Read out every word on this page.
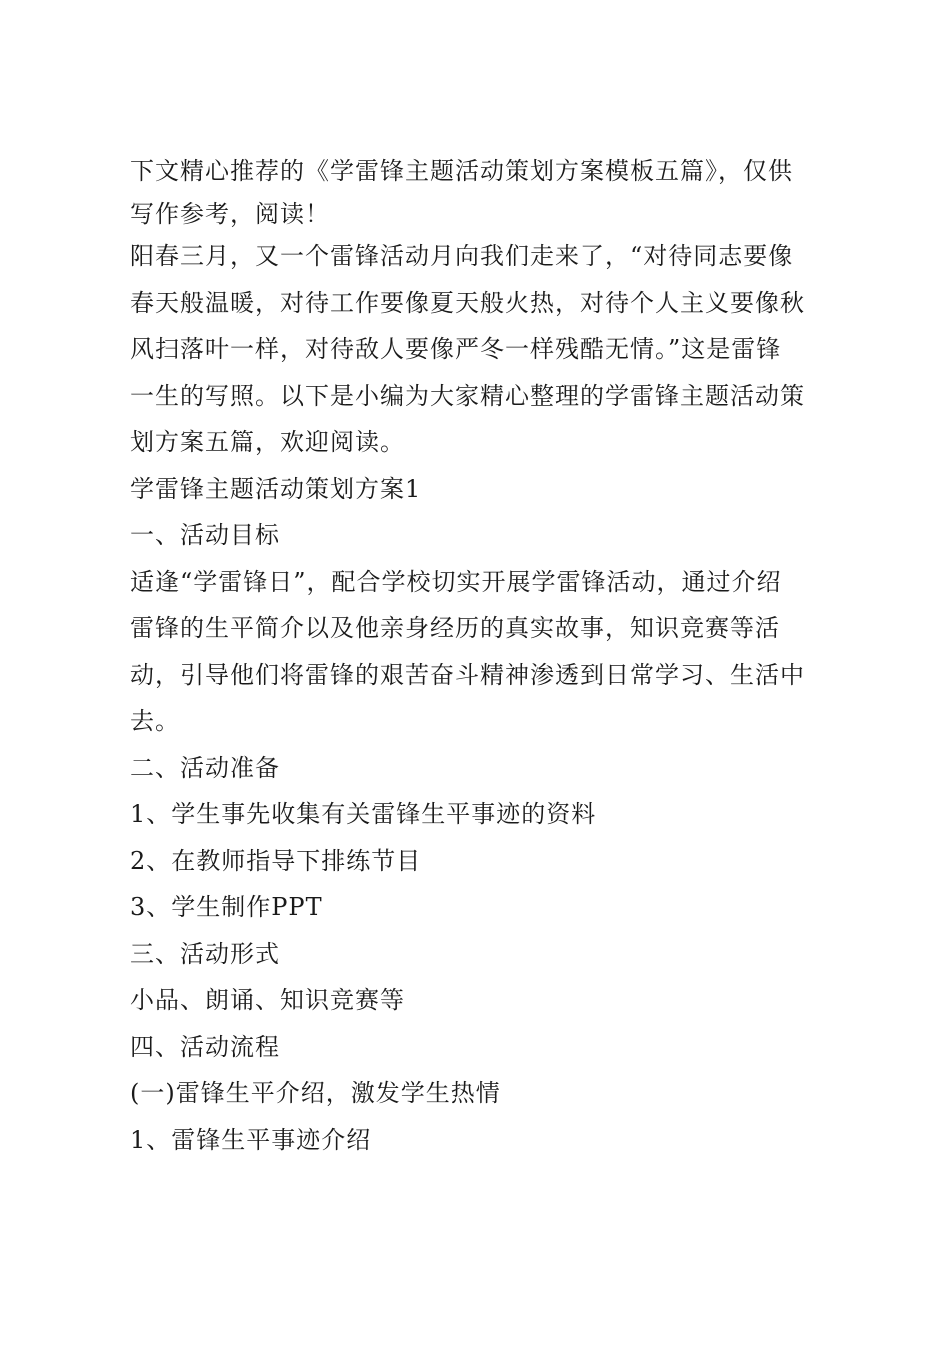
下文精心推荐的《学雷锋主题活动策划方案模板五篇》，仅供

写作参考，阅读！

阳春三月，又一个雷锋活动月向我们走来了，“对待同志要像

春天般温暖，对待工作要像夏天般火热，对待个人主义要像秋

风扫落叶一样，对待敌人要像严冬一样残酷无情。”这是雷锋

一生的写照。以下是小编为大家精心整理的学雷锋主题活动策

划方案五篇，欢迎阅读。

学雷锋主题活动策划方案1

一、活动目标

适逢“学雷锋日”，配合学校切实开展学雷锋活动，通过介绍

雷锋的生平简介以及他亲身经历的真实故事，知识竞赛等活

动，引导他们将雷锋的艰苦奋斗精神渗透到日常学习、生活中

去。

二、活动准备

1、学生事先收集有关雷锋生平事迹的资料

2、在教师指导下排练节目

3、学生制作PPT

三、活动形式

小品、朗诵、知识竞赛等

四、活动流程

(一)雷锋生平介绍，激发学生热情

1、雷锋生平事迹介绍
